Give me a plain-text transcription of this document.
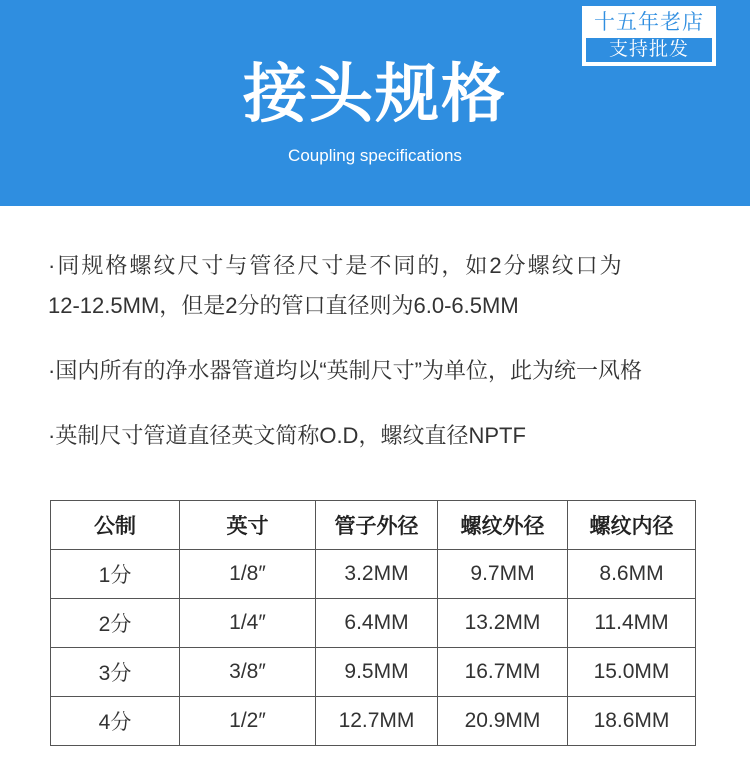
十五年老店
支持批发
接头规格
Coupling specifications

·同规格螺纹尺寸与管径尺寸是不同的，如2分螺纹口为
12-12.5MM，但是2分的管口直径则为6.0-6.5MM

·国内所有的净水器管道均以“英制尺寸”为单位，此为统一风格

·英制尺寸管道直径英文简称O.D，螺纹直径NPTF

公制	英寸	管子外径	螺纹外径	螺纹内径
1分	1/8″	3.2MM	9.7MM	8.6MM
2分	1/4″	6.4MM	13.2MM	11.4MM
3分	3/8″	9.5MM	16.7MM	15.0MM
4分	1/2″	12.7MM	20.9MM	18.6MM
